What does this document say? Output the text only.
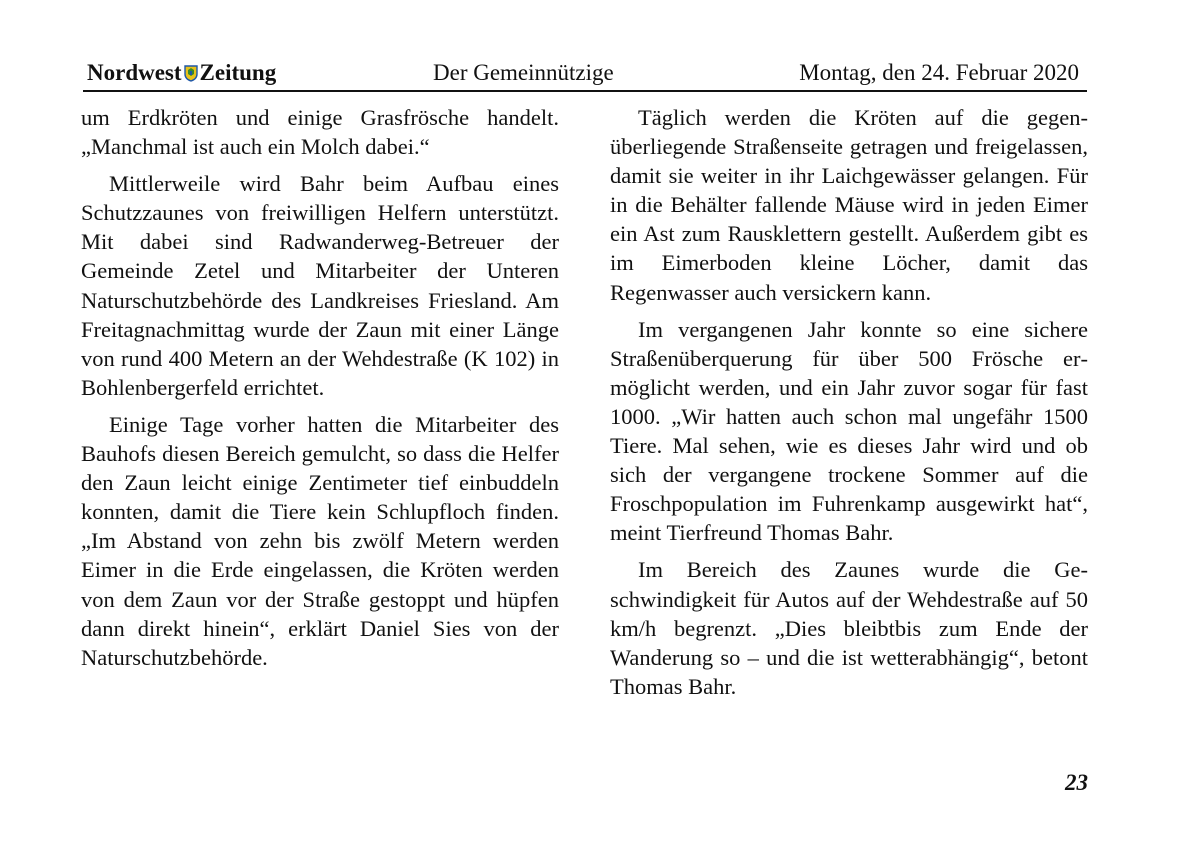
Nordwest Zeitung	Der Gemeinnützige	Montag, den 24. Februar 2020

um Erdkröten und einige Grasfrösche handelt. „Manchmal ist auch ein Molch dabei.“

Mittlerweile wird Bahr beim Aufbau eines Schutzzaunes von freiwilligen Helfern unterstützt. Mit dabei sind Radwanderweg-Betreuer der Gemeinde Zetel und Mitarbeiter der Unteren Naturschutzbehörde des Landkreises Friesland. Am Freitagnachmittag wurde der Zaun mit einer Länge von rund 400 Metern an der Wehdestraße (K 102) in Bohlenbergerfeld errichtet.

Einige Tage vorher hatten die Mitarbeiter des Bauhofs diesen Bereich gemulcht, so dass die Helfer den Zaun leicht einige Zentimeter tief einbuddeln konnten, damit die Tiere kein Schlupfloch finden. „Im Abstand von zehn bis zwölf Metern werden Eimer in die Erde eingelassen, die Kröten werden von dem Zaun vor der Straße gestoppt und hüpfen dann direkt hinein“, erklärt Daniel Sies von der Naturschutzbehörde.

Täglich werden die Kröten auf die gegenüberliegende Straßenseite getragen und freigelassen, damit sie weiter in ihr Laichgewässer gelangen. Für in die Behälter fallende Mäuse wird in jeden Eimer ein Ast zum Rausklettern gestellt. Außerdem gibt es im Eimerboden kleine Löcher, damit das Regenwasser auch versickern kann.

Im vergangenen Jahr konnte so eine sichere Straßenüberquerung für über 500 Frösche ermöglicht werden, und ein Jahr zuvor sogar für fast 1000. „Wir hatten auch schon mal ungefähr 1500 Tiere. Mal sehen, wie es dieses Jahr wird und ob sich der vergangene trockene Sommer auf die Froschpopulation im Fuhrenkamp ausgewirkt hat“, meint Tierfreund Thomas Bahr.

Im Bereich des Zaunes wurde die Geschwindigkeit für Autos auf der Wehdestraße auf 50 km/h begrenzt. „Dies bleibtbis zum Ende der Wanderung so – und die ist wetterabhängig“, betont Thomas Bahr.

23
